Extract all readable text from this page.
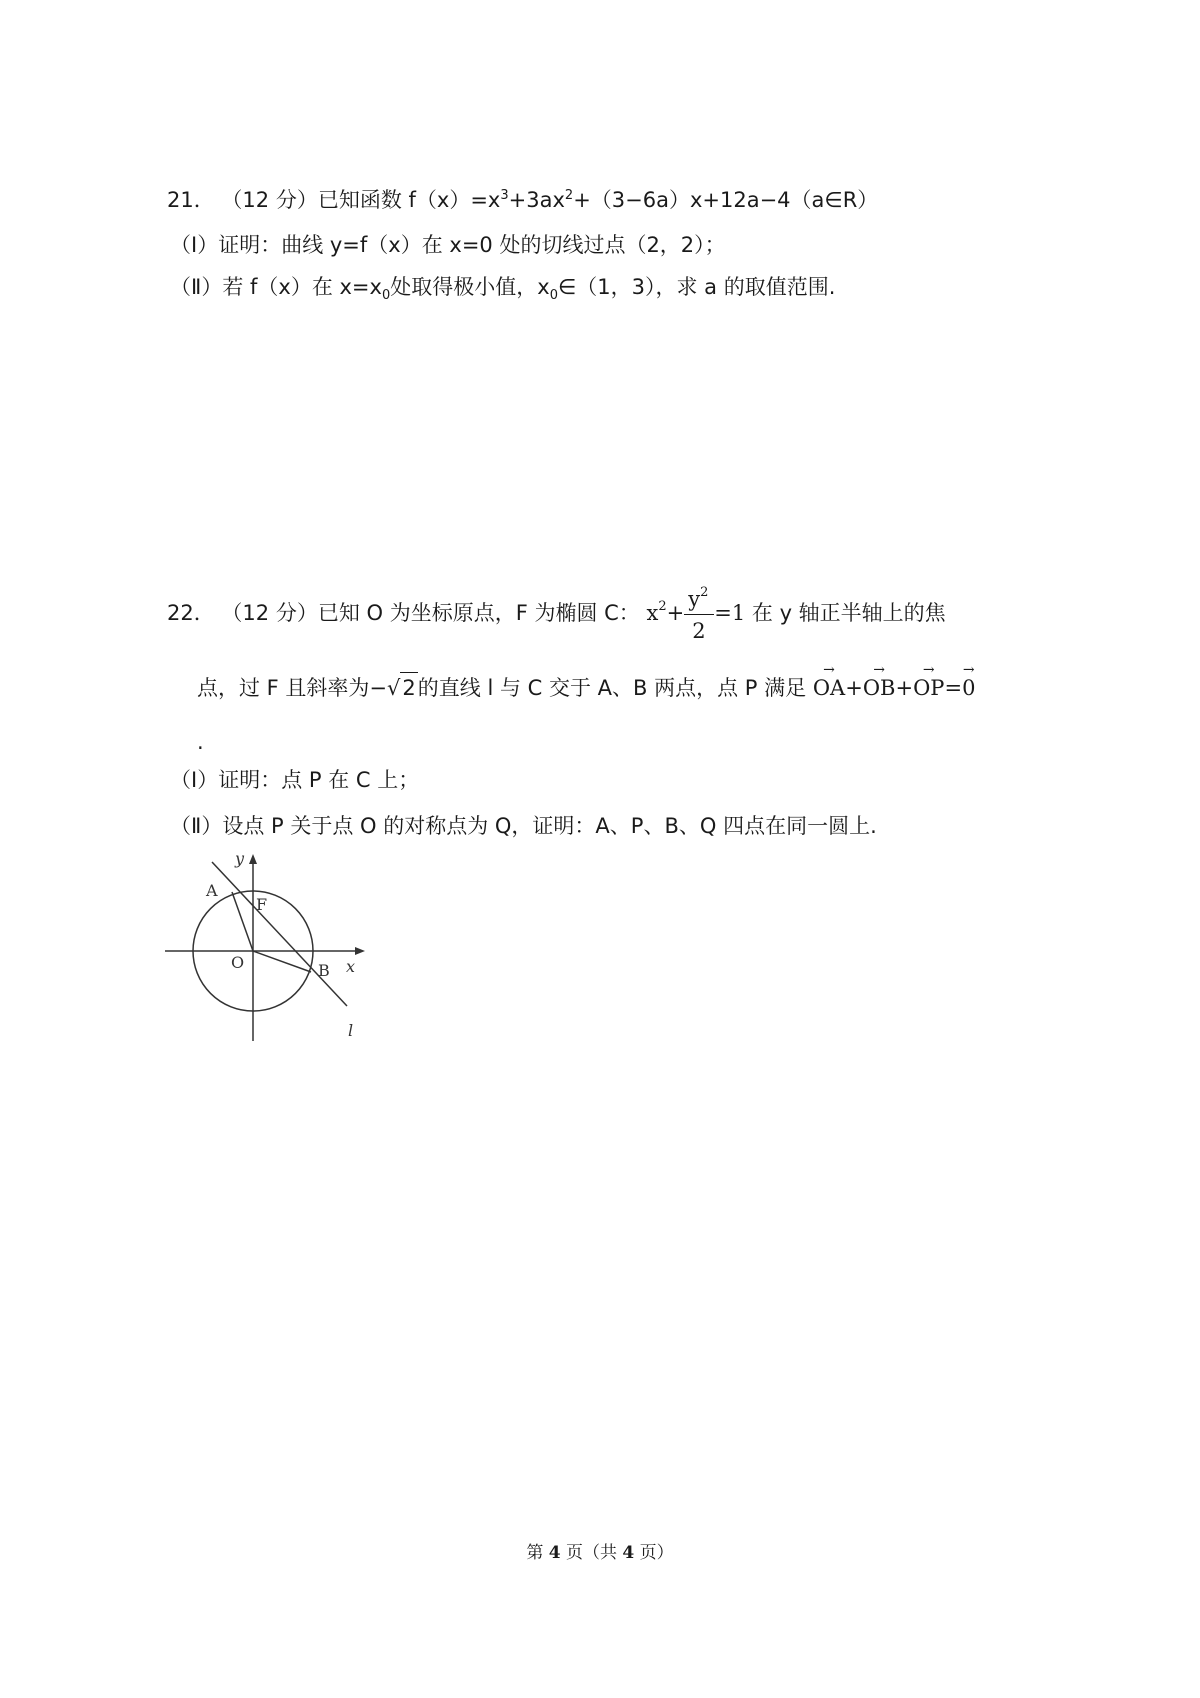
21． （12 分）已知函数 $f(x)=x^3+3ax^2+(3-6a)x+12a-4(a\in R)$
（Ⅰ）证明：曲线 y=f（x）在 x=0 处的切线过点（2，2）；
（Ⅱ）若 f（x）在 $x=x_0$处取得极小值，$x_0\in(1$，3），求 a 的取值范围.
22． （12 分）已知 O 为坐标原点，F 为椭圆 C： $x^2+ \frac{y^2}{2} =1$ 在 y 轴正半轴上的焦
点，过 F 且斜率为−√2的直线 l 与 C 交于 A、B 两点，点 P 满足 → OA+→ OB+→ OP=→ 0
.
（Ⅰ）证明：点 P 在 C 上；
（Ⅱ）设点 P 关于点 O 的对称点为 Q，证明：A、P、B、Q 四点在同一圆上.
y
x
A
F
O	B
l
第 4 页（共 4 页）
